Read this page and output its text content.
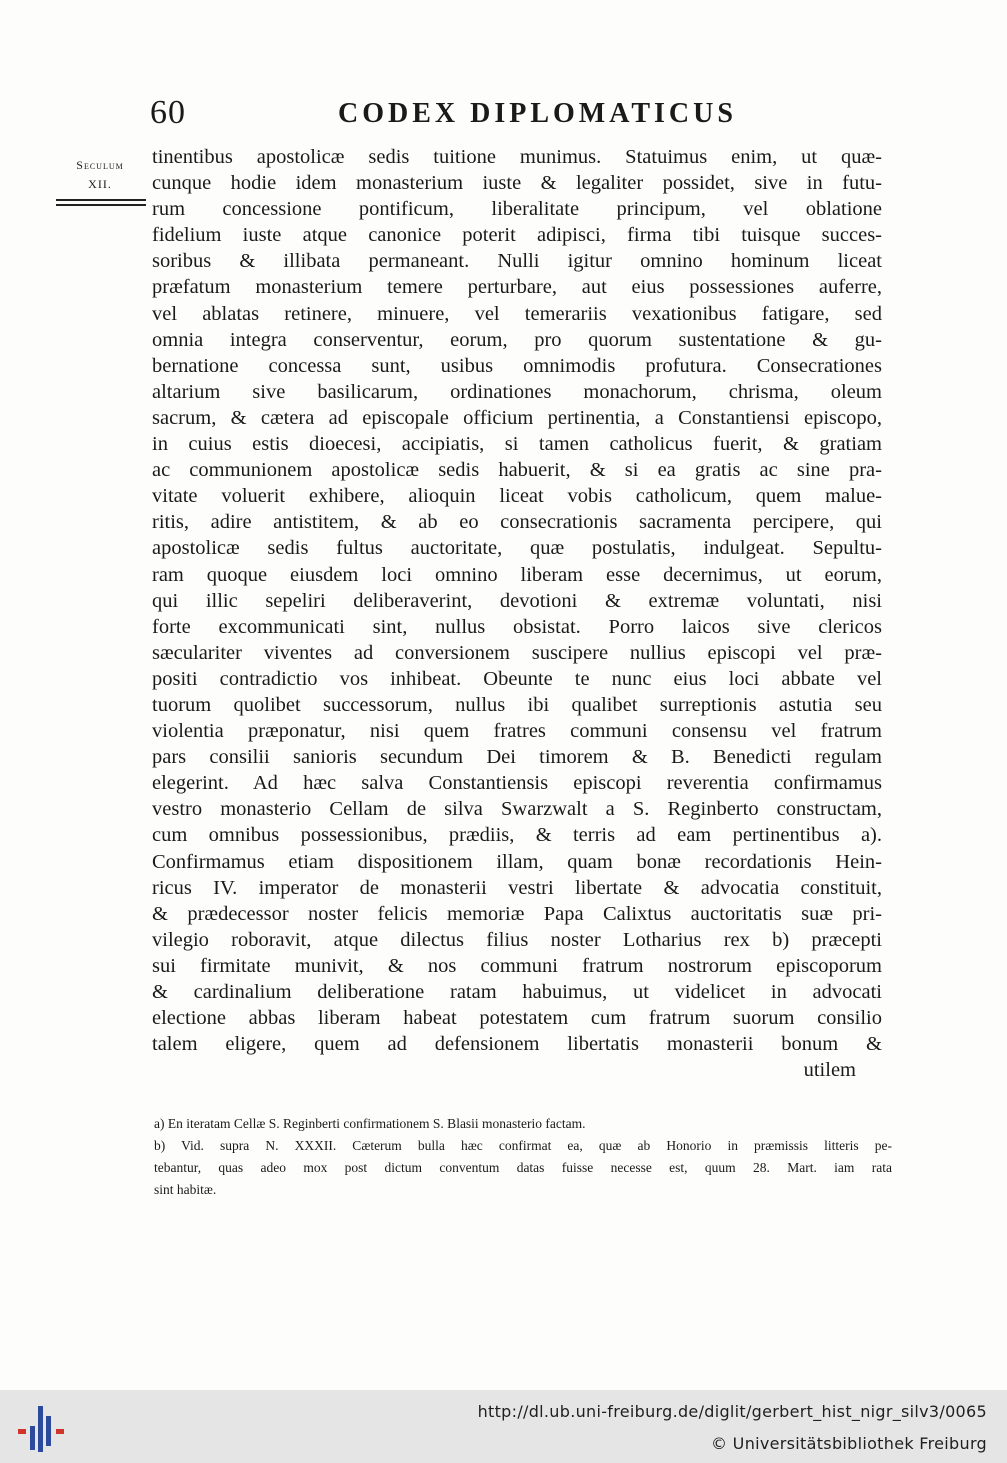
60	CODEX DIPLOMATICUS
Seculum
XII.
tinentibus apostolicæ sedis tuitione munimus. Statuimus enim, ut quæ-
cunque hodie idem monasterium iuste & legaliter possidet, sive in futu-
rum concessione pontificum, liberalitate principum, vel oblatione
fidelium iuste atque canonice poterit adipisci, firma tibi tuisque succes-
soribus & illibata permaneant. Nulli igitur omnino hominum liceat
præfatum monasterium temere perturbare, aut eius possessiones auferre,
vel ablatas retinere, minuere, vel temerariis vexationibus fatigare, sed
omnia integra conserventur, eorum, pro quorum sustentatione & gu-
bernatione concessa sunt, usibus omnimodis profutura. Consecrationes
altarium sive basilicarum, ordinationes monachorum, chrisma, oleum
sacrum, & cætera ad episcopale officium pertinentia, a Constantiensi episcopo,
in cuius estis dioecesi, accipiatis, si tamen catholicus fuerit, & gratiam
ac communionem apostolicæ sedis habuerit, & si ea gratis ac sine pra-
vitate voluerit exhibere, alioquin liceat vobis catholicum, quem malue-
ritis, adire antistitem, & ab eo consecrationis sacramenta percipere, qui
apostolicæ sedis fultus auctoritate, quæ postulatis, indulgeat. Sepultu-
ram quoque eiusdem loci omnino liberam esse decernimus, ut eorum,
qui illic sepeliri deliberaverint, devotioni & extremæ voluntati, nisi
forte excommunicati sint, nullus obsistat. Porro laicos sive clericos
sæculariter viventes ad conversionem suscipere nullius episcopi vel præ-
positi contradictio vos inhibeat. Obeunte te nunc eius loci abbate vel
tuorum quolibet successorum, nullus ibi qualibet surreptionis astutia seu
violentia præponatur, nisi quem fratres communi consensu vel fratrum
pars consilii sanioris secundum Dei timorem & B. Benedicti regulam
elegerint. Ad hæc salva Constantiensis episcopi reverentia confirmamus
vestro monasterio Cellam de silva Swarzwalt a S. Reginberto constructam,
cum omnibus possessionibus, prædiis, & terris ad eam pertinentibus a).
Confirmamus etiam dispositionem illam, quam bonæ recordationis Hein-
ricus IV. imperator de monasterii vestri libertate & advocatia constituit,
& prædecessor noster felicis memoriæ Papa Calixtus auctoritatis suæ pri-
vilegio roboravit, atque dilectus filius noster Lotharius rex b) præcepti
sui firmitate munivit, & nos communi fratrum nostrorum episcoporum
& cardinalium deliberatione ratam habuimus, ut videlicet in advocati
electione abbas liberam habeat potestatem cum fratrum suorum consilio
talem eligere, quem ad defensionem libertatis monasterii bonum &
utilem
a) En iteratam Cellæ S. Reginberti confirmationem S. Blasii monasterio factam.
b) Vid. supra N. XXXII. Cæterum bulla hæc confirmat ea, quæ ab Honorio in præmissis litteris pe-
tebantur, quas adeo mox post dictum conventum datas fuisse necesse est, quum 28. Mart. iam rata
sint habitæ.
http://dl.ub.uni-freiburg.de/diglit/gerbert_hist_nigr_silv3/0065
© Universitätsbibliothek Freiburg
